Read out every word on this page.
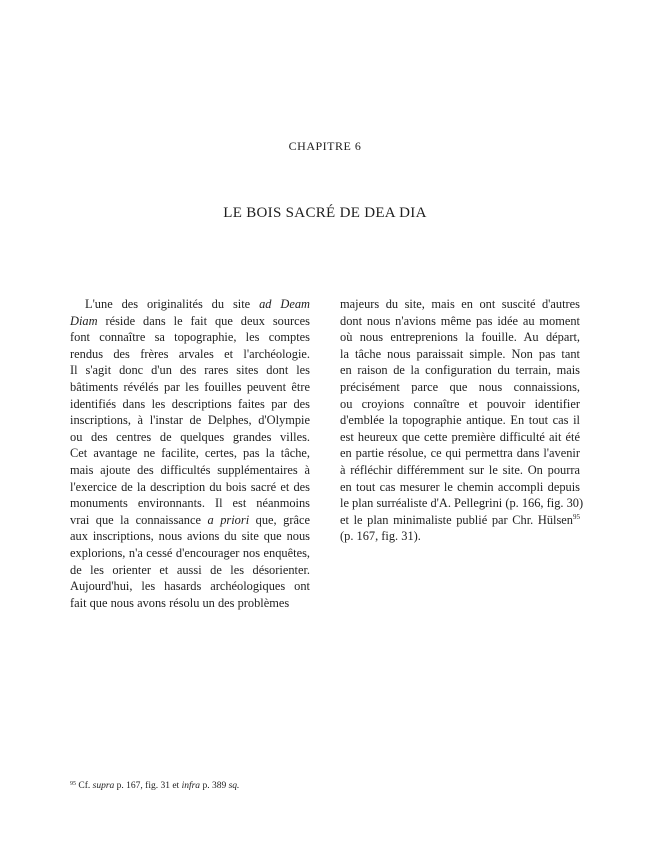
CHAPITRE 6
LE BOIS SACRÉ DE DEA DIA
L'une des originalités du site ad Deam
Diam réside dans le fait que deux sources
font connaître sa topographie, les comptes
rendus des frères arvales et l'archéologie.
Il s'agit donc d'un des rares sites dont les
bâtiments révélés par les fouilles peuvent être
identifiés dans les descriptions faites par des
inscriptions, à l'instar de Delphes, d'Olympie
ou des centres de quelques grandes villes.
Cet avantage ne facilite, certes, pas la tâche,
mais ajoute des difficultés supplémentaires à
l'exercice de la description du bois sacré et des
monuments environnants. Il est néanmoins
vrai que la connaissance a priori que, grâce
aux inscriptions, nous avions du site que nous
explorions, n'a cessé d'encourager nos enquêtes,
de les orienter et aussi de les désorienter.
Aujourd'hui, les hasards archéologiques ont
fait que nous avons résolu un des problèmes
majeurs du site, mais en ont suscité d'autres
dont nous n'avions même pas idée au moment
où nous entreprenions la fouille. Au départ,
la tâche nous paraissait simple. Non pas tant
en raison de la configuration du terrain, mais
précisément parce que nous connaissions,
ou croyions connaître et pouvoir identifier
d'emblée la topographie antique. En tout cas il
est heureux que cette première difficulté ait été
en partie résolue, ce qui permettra dans l'avenir
à réfléchir différemment sur le site. On pourra
en tout cas mesurer le chemin accompli depuis
le plan surréaliste d'A. Pellegrini (p. 166, fig. 30)
et le plan minimaliste publié par Chr. Hülsen$^{95}$
(p. 167, fig. 31).
$^{95}$ Cf. supra p. 167, fig. 31 et infra p. 389 sq.
